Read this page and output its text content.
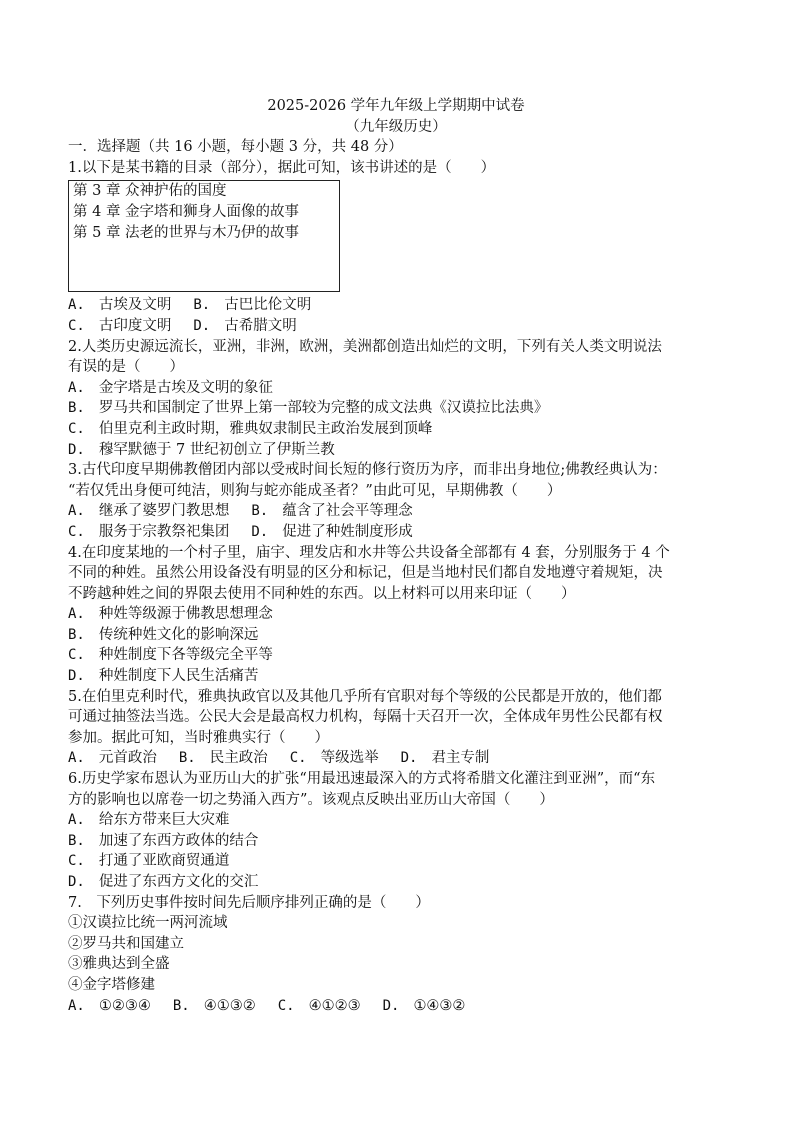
2025-2026 学年九年级上学期期中试卷
（九年级历史）
一．选择题（共 16 小题，每小题 3 分，共 48 分）
1.以下是某书籍的目录（部分），据此可知，该书讲述的是（　　）
第 3 章 众神护佑的国度
第 4 章 金字塔和狮身人面像的故事
第 5 章 法老的世界与木乃伊的故事
A. 古埃及文明 B. 古巴比伦文明
C. 古印度文明 D. 古希腊文明
2.人类历史源远流长，亚洲，非洲，欧洲，美洲都创造出灿烂的文明，下列有关人类文明说法
有误的是（　　）
A. 金字塔是古埃及文明的象征
B. 罗马共和国制定了世界上第一部较为完整的成文法典《汉谟拉比法典》
C. 伯里克利主政时期，雅典奴隶制民主政治发展到顶峰
D. 穆罕默德于 7 世纪初创立了伊斯兰教
3.古代印度早期佛教僧团内部以受戒时间长短的修行资历为序，而非出身地位;佛教经典认为：
“若仅凭出身便可纯洁，则狗与蛇亦能成圣者？”由此可见，早期佛教（　　）
A. 继承了婆罗门教思想 B. 蕴含了社会平等理念
C. 服务于宗教祭祀集团 D. 促进了种姓制度形成
4.在印度某地的一个村子里，庙宇、理发店和水井等公共设备全部都有 4 套，分别服务于 4 个
不同的种姓。虽然公用设备没有明显的区分和标记，但是当地村民们都自发地遵守着规矩，决
不跨越种姓之间的界限去使用不同种姓的东西。以上材料可以用来印证（　　）
A. 种姓等级源于佛教思想理念
B. 传统种姓文化的影响深远
C. 种姓制度下各等级完全平等
D. 种姓制度下人民生活痛苦
5.在伯里克利时代，雅典执政官以及其他几乎所有官职对每个等级的公民都是开放的，他们都
可通过抽签法当选。公民大会是最高权力机构，每隔十天召开一次，全体成年男性公民都有权
参加。据此可知，当时雅典实行（　　）
A. 元首政治 B. 民主政治 C. 等级选举 D. 君主专制
6.历史学家布恩认为亚历山大的扩张“用最迅速最深入的方式将希腊文化灌注到亚洲”，而“东
方的影响也以席卷一切之势涌入西方”。该观点反映出亚历山大帝国（　　）
A. 给东方带来巨大灾难
B. 加速了东西方政体的结合
C. 打通了亚欧商贸通道
D. 促进了东西方文化的交汇
7.　下列历史事件按时间先后顺序排列正确的是（　　）
①汉谟拉比统一两河流域
②罗马共和国建立
③雅典达到全盛
④金字塔修建
A. ①②③④ B. ④①③② C. ④①②③ D. ①④③②
